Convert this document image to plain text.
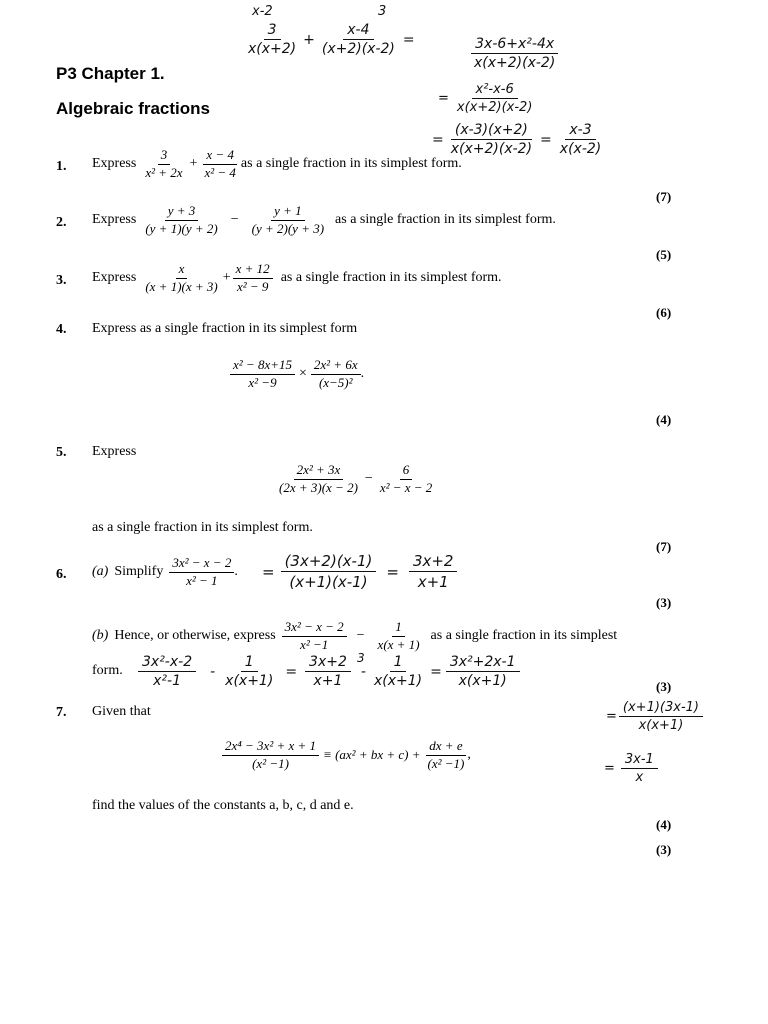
P3 Chapter 1.
Algebraic fractions
x-2	3
$\frac{3}{x(x+2)} + \frac{x-4}{(x+2)(x-2)}$ =	$\frac{\text{3x-6+x²-4x}}{x(x+2)(x-2)}$
= $\frac{\text{x²-x-6}}{x(x+2)(x-2)}$
= $\frac{(x-3)(x+2)}{x(x+2)(x-2)} = \frac{x-3}{x(x-2)}$
1. Express $\frac{3}{\text{x² + 2x}} + \frac{x - 4}{\text{x² − 4}}$ as a single fraction in its simplest form.
(7)
2. Express $\frac{y + 3}{(y + 1)(y + 2)} - \frac{y + 1}{(y + 2)(y + 3)}$ as a single fraction in its simplest form.
(5)
3. Express $\frac{x}{(x + 1)(x + 3)} + \frac{x + 12}{\text{x² − 9}}$ as a single fraction in its simplest form.
(6)
4. Express as a single fraction in its simplest form
$\frac{\text{x² − 8x+15}}{\text{x² −9}} \times \frac{\text{2x² + 6x}}{\text{(x−5)²}}$ .
(4)
5. Express
$\frac{\text{2x² + 3x}}{(2x + 3)(x - 2)} - \frac{6}{\text{x² − x − 2}}$
as a single fraction in its simplest form.
(7)
6. (a) Simplify $\frac{\text{3x² − x − 2}}{\text{x² − 1}}$ . = $\frac{(3x+2)(x-1)}{(x+1)(x-1)} = \frac{3x+2}{x+1}$
(3)
(b) Hence, or otherwise, express $\frac{\text{3x² − x − 2}}{\text{x² −1}} - \frac{1}{x(x + 1)}$ as a single fraction in its simplest
form.
(3)
3
$\frac{\text{3x²-x-2}}{\text{x²-1}} - \frac{1}{x(x+1)} = \frac{3x+2}{x+1} - \frac{1}{x(x+1)} = \frac{\text{3x²+2x-1}}{x(x+1)}$
= $\frac{(x+1)(3x-1)}{x(x+1)}$
= $\frac{3x-1}{x}$
7. Given that
$\frac{\text{2x⁴ − 3x² + x + 1}}{\text{(x² −1)}} \equiv (ax^2$ + bx + $c) + \frac{dx + e}{\text{(x² −1)}}$ ,
find the values of the constants a, b, c, d and e.
(4)
(3)
